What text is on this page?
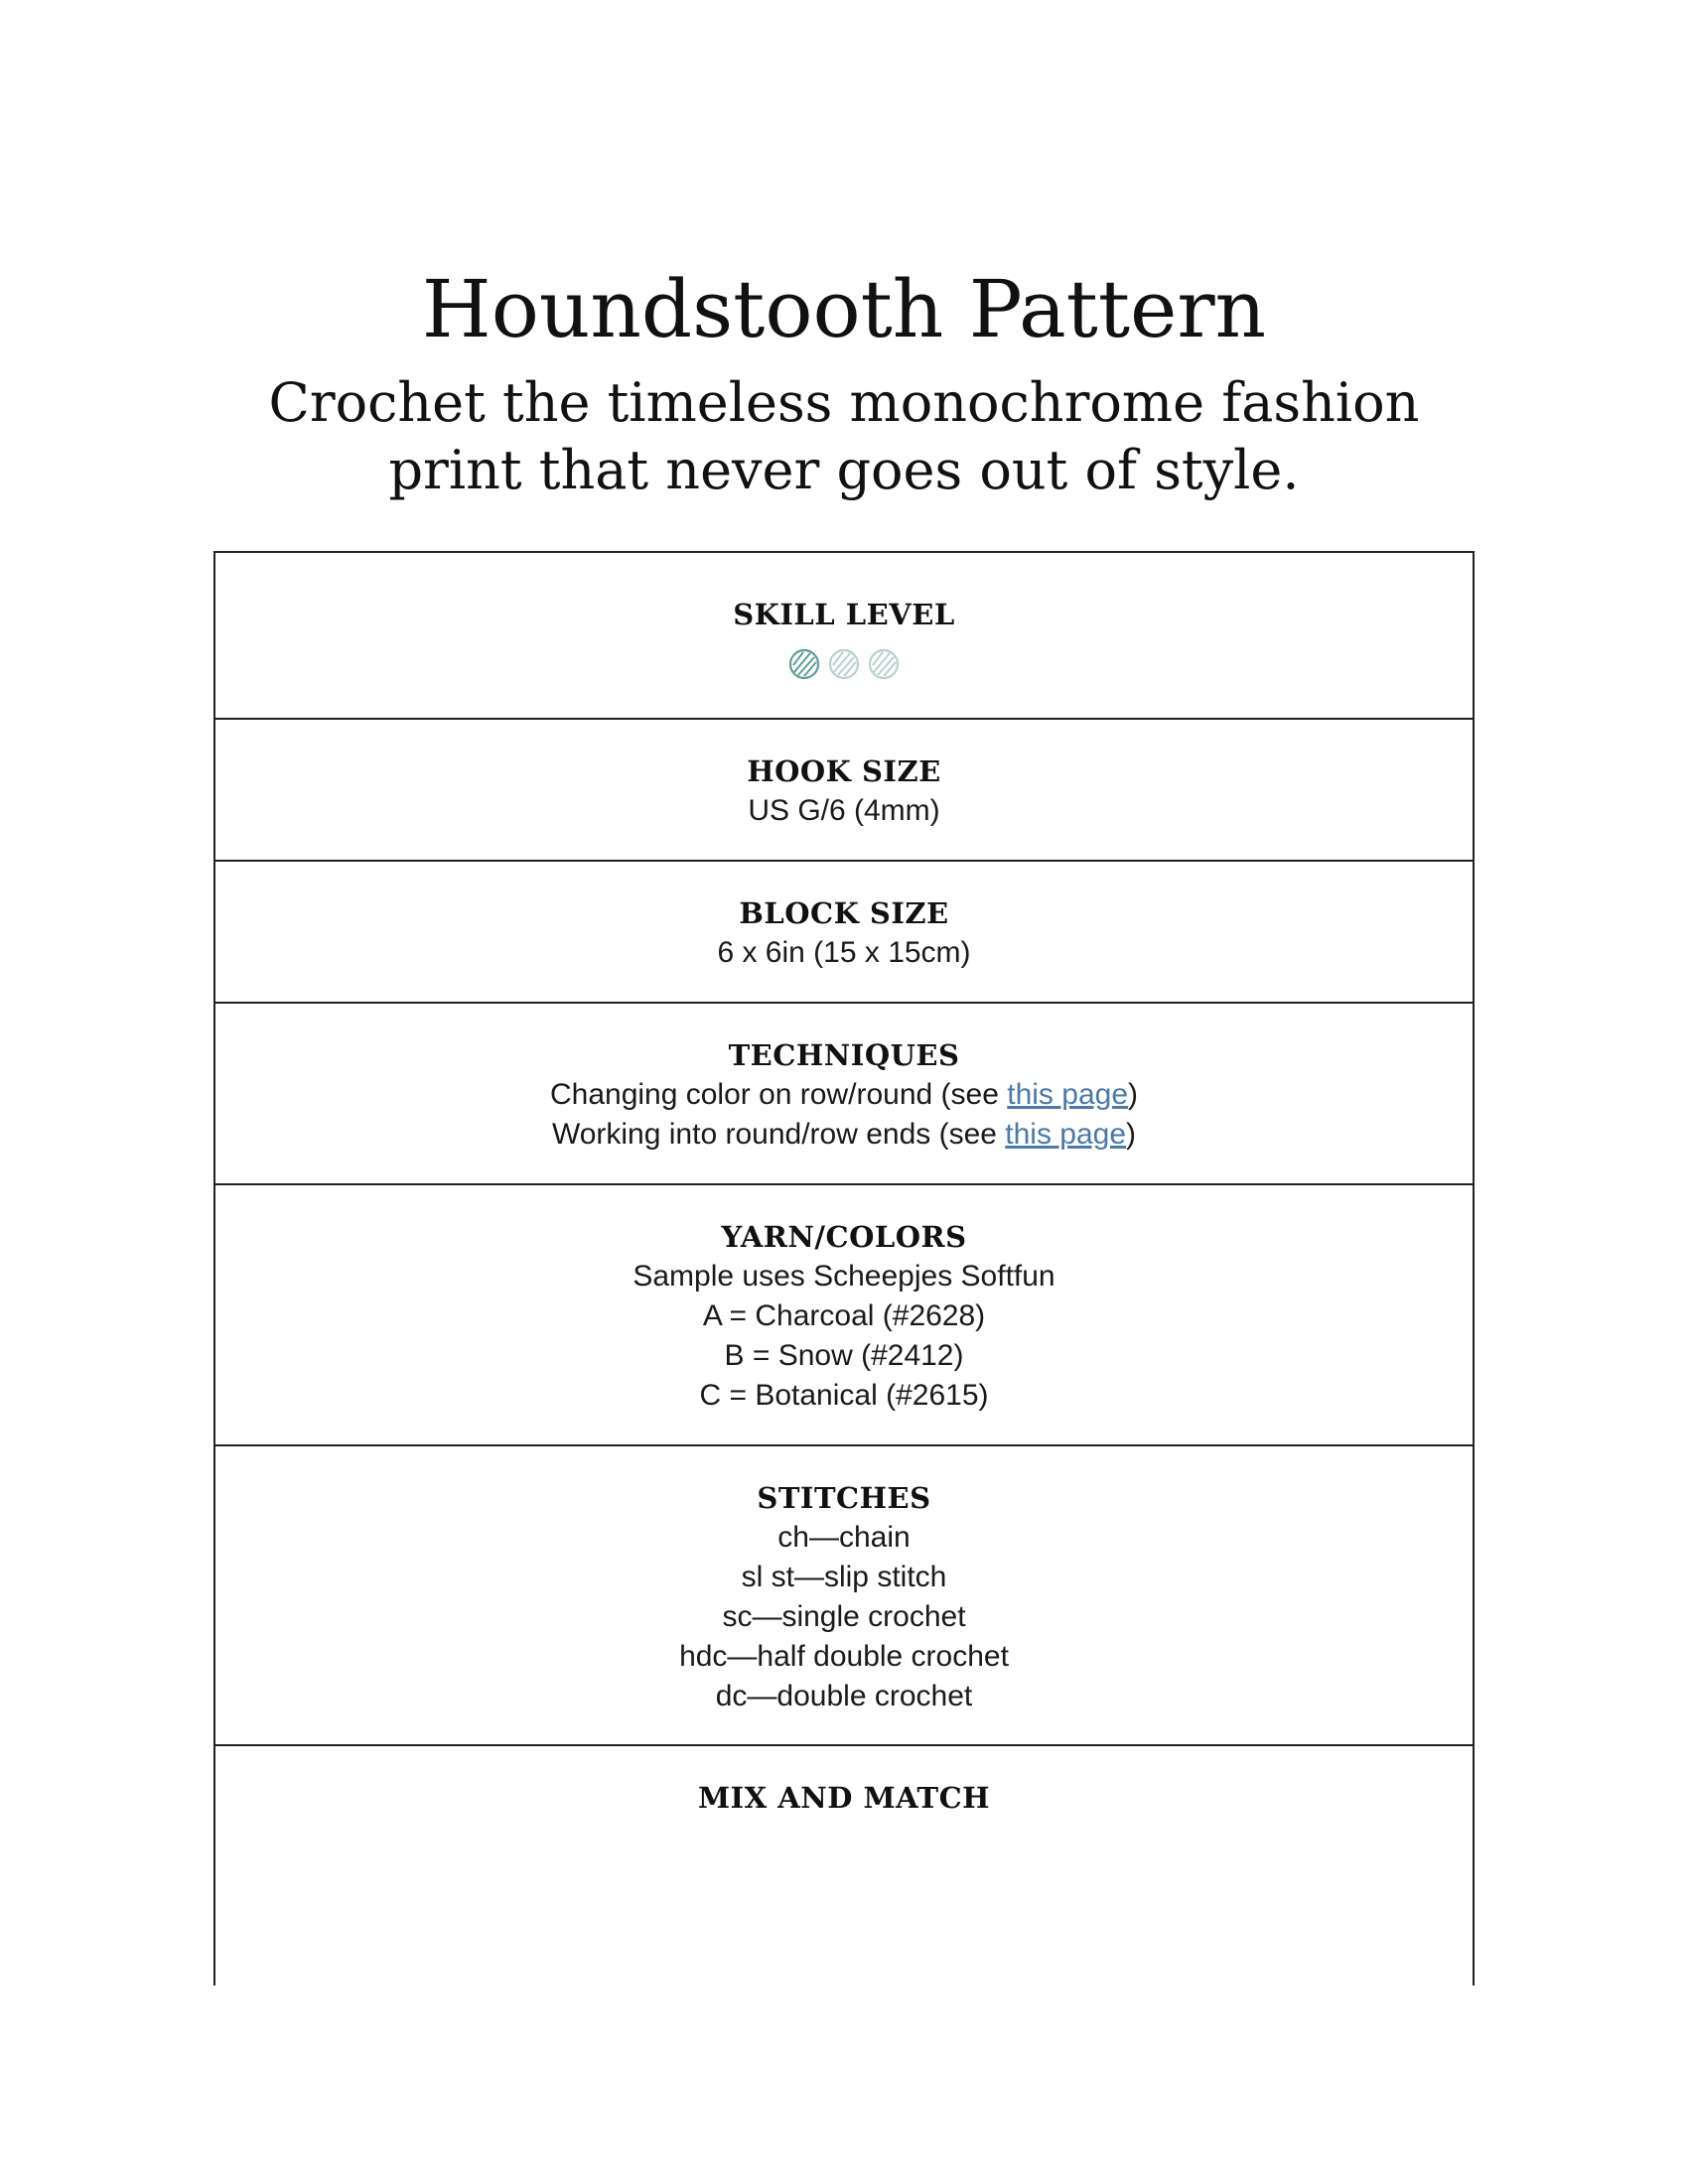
Houndstooth Pattern
Crochet the timeless monochrome fashion
print that never goes out of style.
SKILL LEVEL
HOOK SIZE
US G/6 (4mm)
BLOCK SIZE
6 x 6in (15 x 15cm)
TECHNIQUES
Changing color on row/round (see this page)
Working into round/row ends (see this page)
YARN/COLORS
Sample uses Scheepjes Softfun
A = Charcoal (#2628)
B = Snow (#2412)
C = Botanical (#2615)
STITCHES
ch—chain
sl st—slip stitch
sc—single crochet
hdc—half double crochet
dc—double crochet
MIX AND MATCH
